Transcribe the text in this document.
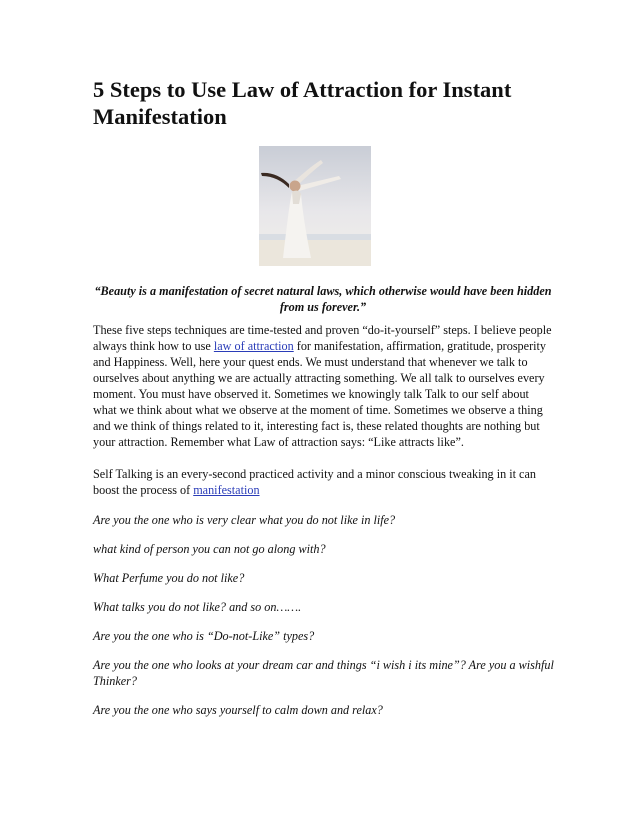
5 Steps to Use Law of Attraction for Instant Manifestation

“Beauty is a manifestation of secret natural laws, which otherwise would have been hidden from us forever.”

These five steps techniques are time-tested and proven “do-it-yourself” steps. I believe people always think how to use law of attraction for manifestation, affirmation, gratitude, prosperity and Happiness. Well, here your quest ends. We must understand that whenever we talk to ourselves about anything we are actually attracting something. We all talk to ourselves every moment. You must have observed it. Sometimes we knowingly talk Talk to our self about what we think about what we observe at the moment of time. Sometimes we observe a thing and we think of things related to it, interesting fact is, these related thoughts are nothing but your attraction. Remember what Law of attraction says: “Like attracts like”.

Self Talking is an every-second practiced activity and a minor conscious tweaking in it can boost the process of manifestation

Are you the one who is very clear what you do not like in life?

what kind of person you can not go along with?

What Perfume you do not like?

What talks you do not like? and so on…….

Are you the one who is “Do-not-Like” types?

Are you the one who looks at your dream car and things “i wish i its mine”? Are you a wishful Thinker?

Are you the one who says yourself to calm down and relax?
